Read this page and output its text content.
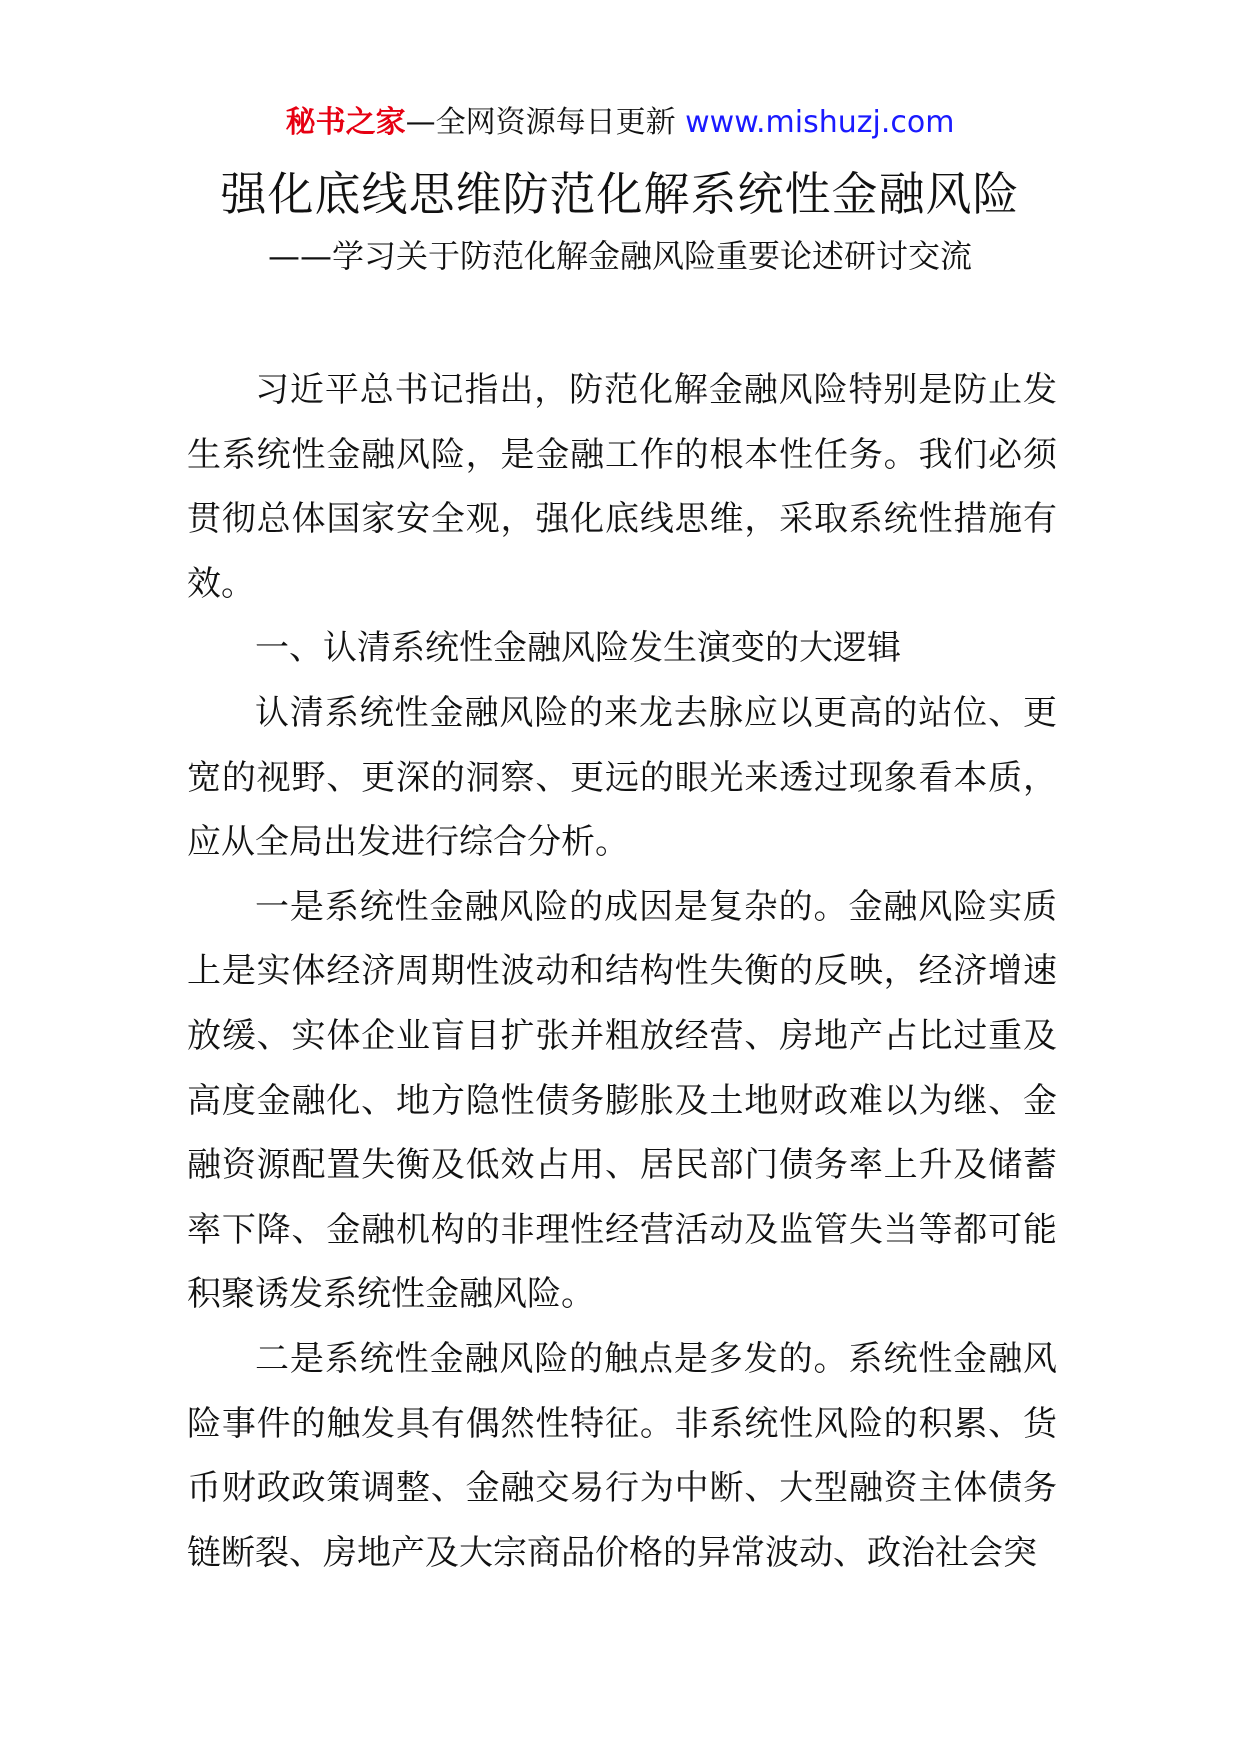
秘书之家—全网资源每日更新 www.mishuzj.com
强化底线思维防范化解系统性金融风险
——学习关于防范化解金融风险重要论述研讨交流

习近平总书记指出，防范化解金融风险特别是防止发生系统性金融风险，是金融工作的根本性任务。我们必须贯彻总体国家安全观，强化底线思维，采取系统性措施有效。

一、认清系统性金融风险发生演变的大逻辑

认清系统性金融风险的来龙去脉应以更高的站位、更宽的视野、更深的洞察、更远的眼光来透过现象看本质，应从全局出发进行综合分析。

一是系统性金融风险的成因是复杂的。金融风险实质上是实体经济周期性波动和结构性失衡的反映，经济增速放缓、实体企业盲目扩张并粗放经营、房地产占比过重及高度金融化、地方隐性债务膨胀及土地财政难以为继、金融资源配置失衡及低效占用、居民部门债务率上升及储蓄率下降、金融机构的非理性经营活动及监管失当等都可能积聚诱发系统性金融风险。

二是系统性金融风险的触点是多发的。系统性金融风险事件的触发具有偶然性特征。非系统性风险的积累、货币财政政策调整、金融交易行为中断、大型融资主体债务链断裂、房地产及大宗商品价格的异常波动、政治社会突
